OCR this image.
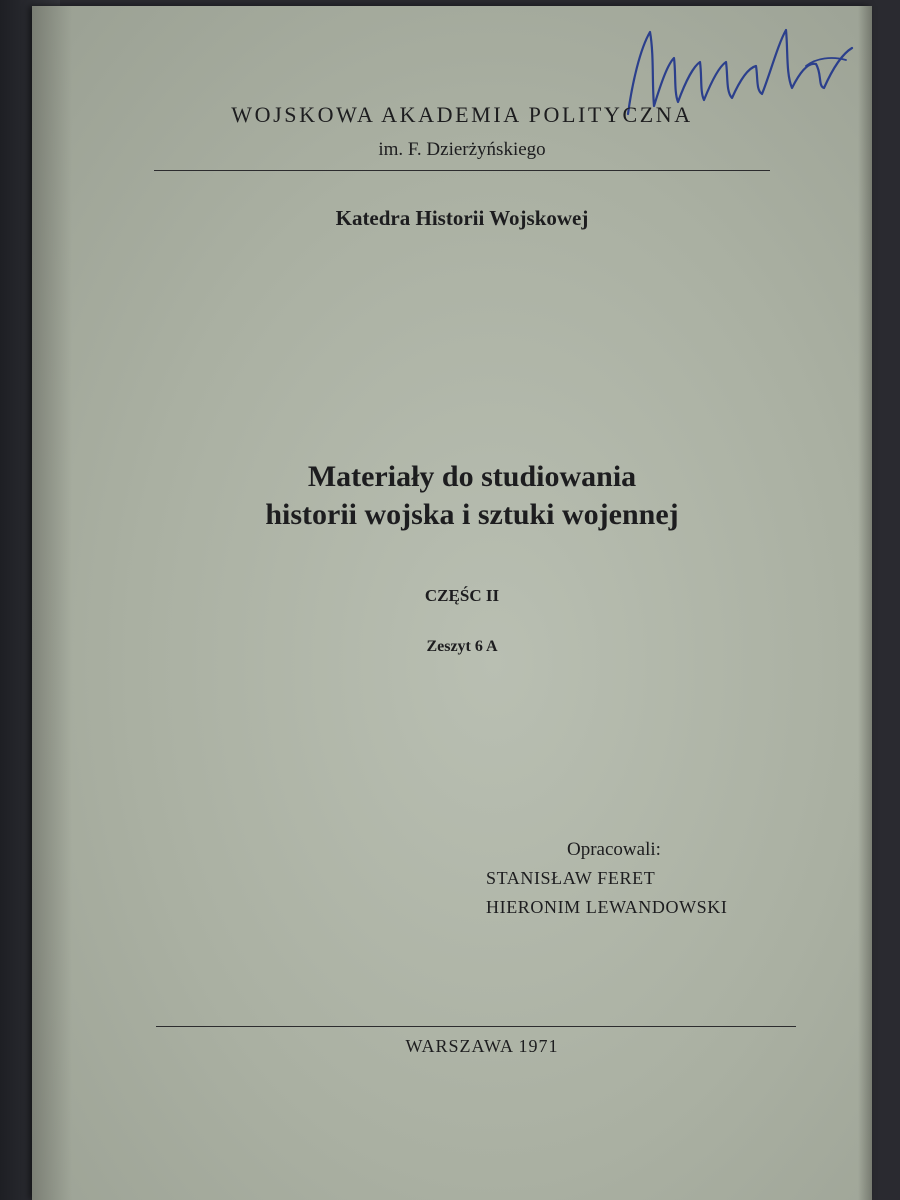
WOJSKOWA AKADEMIA POLITYCZNA
im. F. Dzierżyńskiego
Katedra Historii Wojskowej
Materiały do studiowania
historii wojska i sztuki wojennej
CZĘŚC II
Zeszyt 6 A
Opracowali:
STANISŁAW FERET
HIERONIM LEWANDOWSKI
WARSZAWA 1971
